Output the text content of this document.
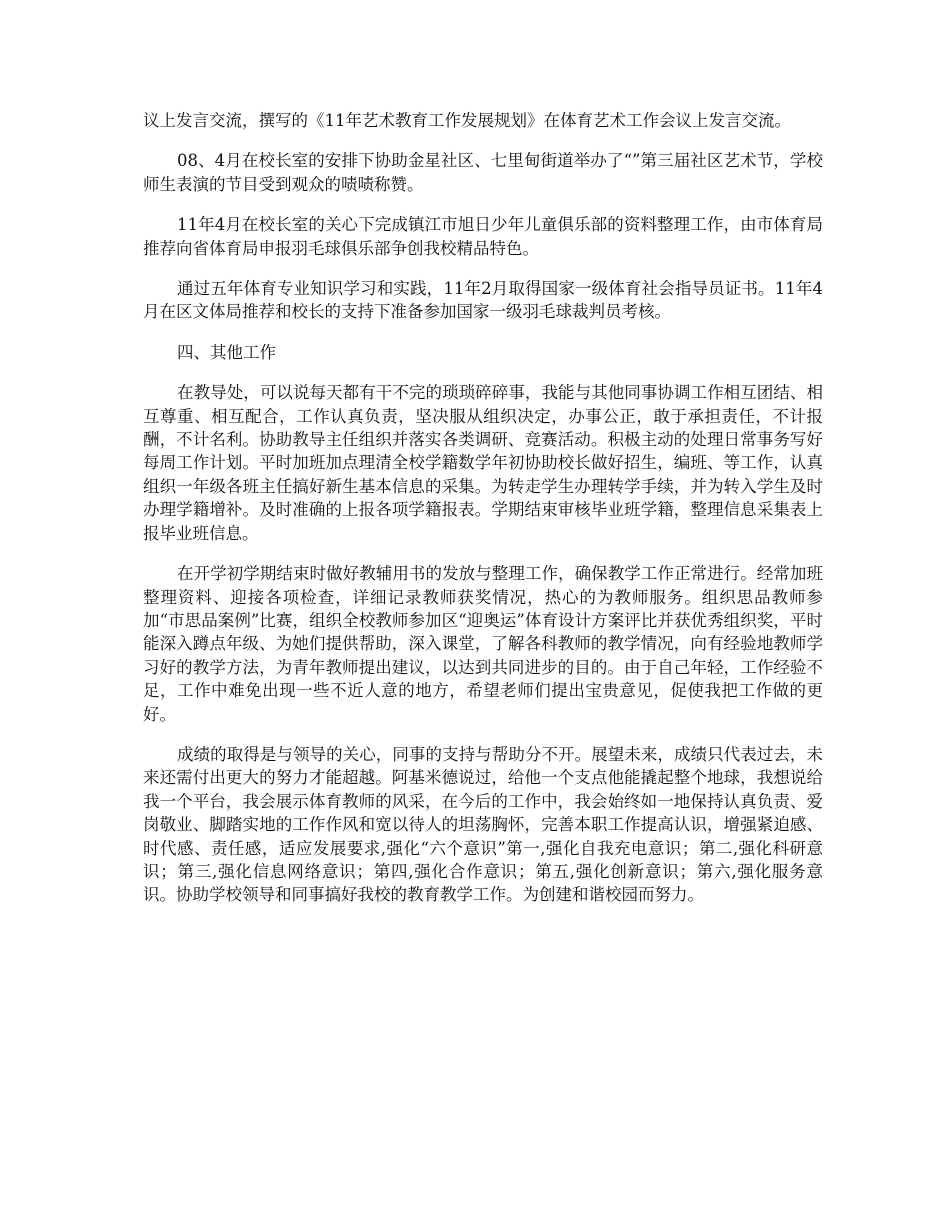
议上发言交流，撰写的《11年艺术教育工作发展规划》在体育艺术工作会议上发言交流。

08、4月在校长室的安排下协助金星社区、七里甸街道举办了“”第三届社区艺术节，学校师生表演的节目受到观众的啧啧称赞。

11年4月在校长室的关心下完成镇江市旭日少年儿童俱乐部的资料整理工作，由市体育局推荐向省体育局申报羽毛球俱乐部争创我校精品特色。

通过五年体育专业知识学习和实践，11年2月取得国家一级体育社会指导员证书。11年4月在区文体局推荐和校长的支持下准备参加国家一级羽毛球裁判员考核。

四、其他工作

在教导处，可以说每天都有干不完的琐琐碎碎事，我能与其他同事协调工作相互团结、相互尊重、相互配合，工作认真负责，坚决服从组织决定，办事公正，敢于承担责任，不计报酬，不计名利。协助教导主任组织并落实各类调研、竞赛活动。积极主动的处理日常事务写好每周工作计划。平时加班加点理清全校学籍数学年初协助校长做好招生，编班、等工作，认真组织一年级各班主任搞好新生基本信息的采集。为转走学生办理转学手续，并为转入学生及时办理学籍增补。及时准确的上报各项学籍报表。学期结束审核毕业班学籍，整理信息采集表上报毕业班信息。

在开学初学期结束时做好教辅用书的发放与整理工作，确保教学工作正常进行。经常加班整理资料、迎接各项检查，详细记录教师获奖情况，热心的为教师服务。组织思品教师参加“市思品案例”比赛，组织全校教师参加区“迎奥运”体育设计方案评比并获优秀组织奖，平时能深入蹲点年级、为她们提供帮助，深入课堂，了解各科教师的教学情况，向有经验地教师学习好的教学方法，为青年教师提出建议，以达到共同进步的目的。由于自己年轻，工作经验不足，工作中难免出现一些不近人意的地方，希望老师们提出宝贵意见，促使我把工作做的更好。

成绩的取得是与领导的关心，同事的支持与帮助分不开。展望未来，成绩只代表过去，未来还需付出更大的努力才能超越。阿基米德说过，给他一个支点他能撬起整个地球，我想说给我一个平台，我会展示体育教师的风采，在今后的工作中，我会始终如一地保持认真负责、爱岗敬业、脚踏实地的工作作风和宽以待人的坦荡胸怀，完善本职工作提高认识，增强紧迫感、时代感、责任感，适应发展要求,强化“六个意识”第一,强化自我充电意识；第二,强化科研意识；第三,强化信息网络意识；第四,强化合作意识；第五,强化创新意识；第六,强化服务意识。协助学校领导和同事搞好我校的教育教学工作。为创建和谐校园而努力。
